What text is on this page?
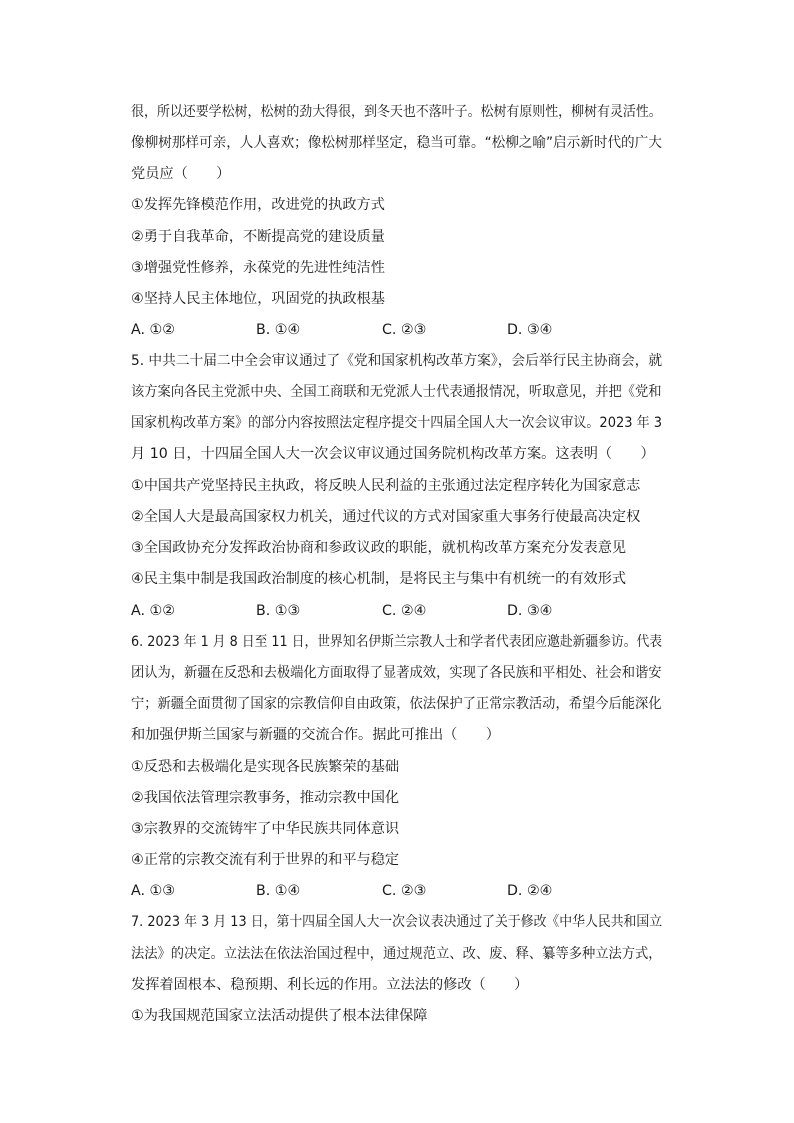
很，所以还要学松树，松树的劲大得很，到冬天也不落叶子。松树有原则性，柳树有灵活性。
像柳树那样可亲，人人喜欢；像松树那样坚定，稳当可靠。“松柳之喻”启示新时代的广大
党员应（　　）
①发挥先锋模范作用，改进党的执政方式
②勇于自我革命，不断提高党的建设质量
③增强党性修养，永葆党的先进性纯洁性
④坚持人民主体地位，巩固党的执政根基
A. ①②	B. ①④	C. ②③	D. ③④
5. 中共二十届二中全会审议通过了《党和国家机构改革方案》，会后举行民主协商会，就
该方案向各民主党派中央、全国工商联和无党派人士代表通报情况，听取意见，并把《党和
国家机构改革方案》的部分内容按照法定程序提交十四届全国人大一次会议审议。2023 年 3
月 10 日，十四届全国人大一次会议审议通过国务院机构改革方案。这表明（　　）
①中国共产党坚持民主执政，将反映人民利益的主张通过法定程序转化为国家意志
②全国人大是最高国家权力机关，通过代议的方式对国家重大事务行使最高决定权
③全国政协充分发挥政治协商和参政议政的职能，就机构改革方案充分发表意见
④民主集中制是我国政治制度的核心机制，是将民主与集中有机统一的有效形式
A. ①②	B. ①③	C. ②④	D. ③④
6. 2023 年 1 月 8 日至 11 日，世界知名伊斯兰宗教人士和学者代表团应邀赴新疆参访。代表
团认为，新疆在反恐和去极端化方面取得了显著成效，实现了各民族和平相处、社会和谐安
宁；新疆全面贯彻了国家的宗教信仰自由政策，依法保护了正常宗教活动，希望今后能深化
和加强伊斯兰国家与新疆的交流合作。据此可推出（　　）
①反恐和去极端化是实现各民族繁荣的基础
②我国依法管理宗教事务，推动宗教中国化
③宗教界的交流铸牢了中华民族共同体意识
④正常的宗教交流有利于世界的和平与稳定
A. ①③	B. ①④	C. ②③	D. ②④
7. 2023 年 3 月 13 日，第十四届全国人大一次会议表决通过了关于修改《中华人民共和国立
法法》的决定。立法法在依法治国过程中，通过规范立、改、废、释、纂等多种立法方式，
发挥着固根本、稳预期、利长远的作用。立法法的修改（　　）
①为我国规范国家立法活动提供了根本法律保障
